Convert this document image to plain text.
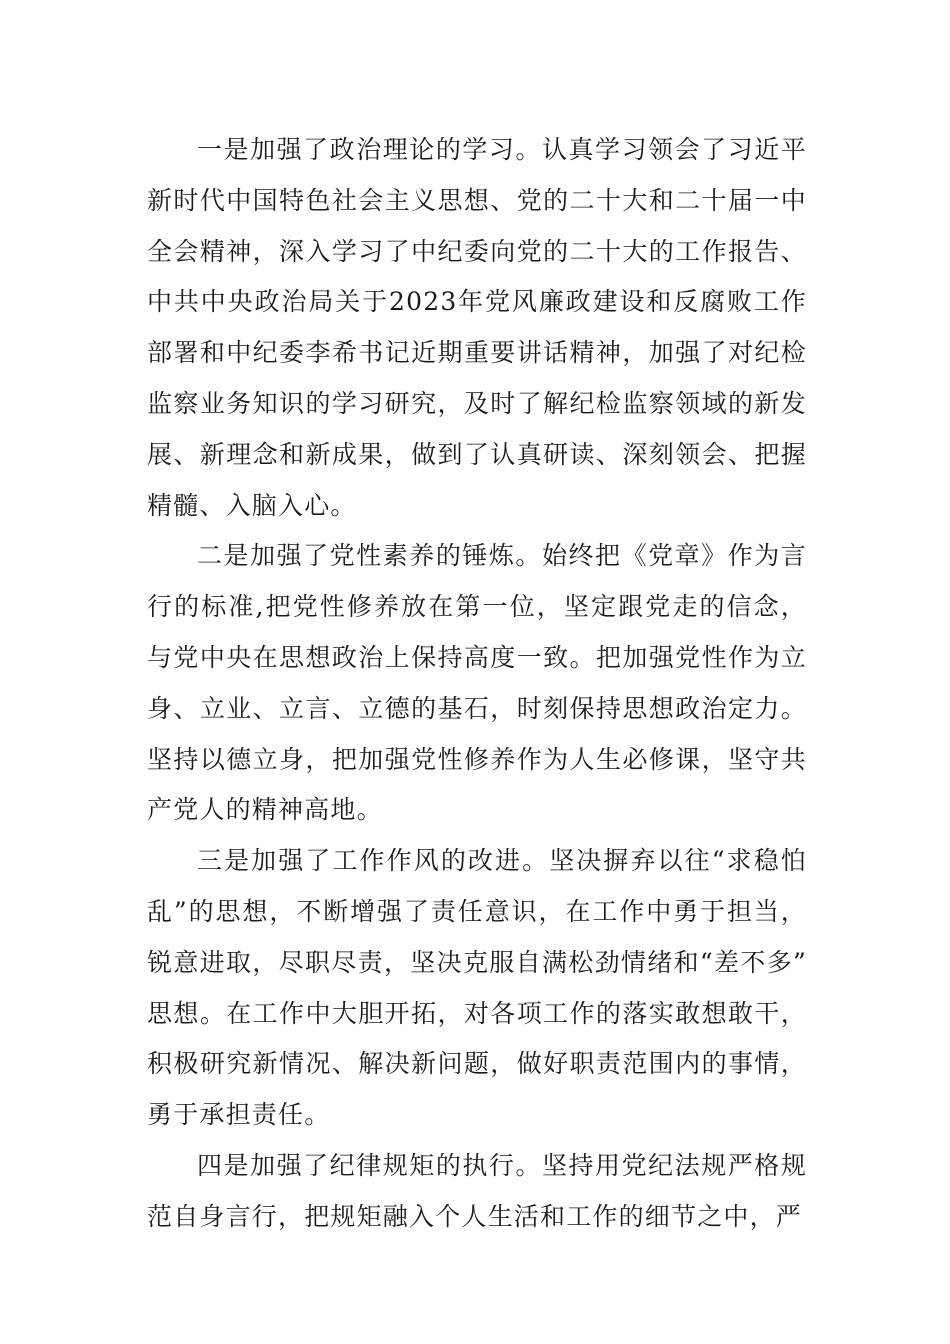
一是加强了政治理论的学习。认真学习领会了习近平新时代中国特色社会主义思想、党的二十大和二十届一中全会精神，深入学习了中纪委向党的二十大的工作报告、中共中央政治局关于2023年党风廉政建设和反腐败工作部署和中纪委李希书记近期重要讲话精神，加强了对纪检监察业务知识的学习研究，及时了解纪检监察领域的新发展、新理念和新成果，做到了认真研读、深刻领会、把握精髓、入脑入心。

二是加强了党性素养的锤炼。始终把《党章》作为言行的标准,把党性修养放在第一位，坚定跟党走的信念，与党中央在思想政治上保持高度一致。把加强党性作为立身、立业、立言、立德的基石，时刻保持思想政治定力。坚持以德立身，把加强党性修养作为人生必修课，坚守共产党人的精神高地。

三是加强了工作作风的改进。坚决摒弃以往“求稳怕乱”的思想，不断增强了责任意识，在工作中勇于担当，锐意进取，尽职尽责，坚决克服自满松劲情绪和“差不多”思想。在工作中大胆开拓，对各项工作的落实敢想敢干，积极研究新情况、解决新问题，做好职责范围内的事情，勇于承担责任。

四是加强了纪律规矩的执行。坚持用党纪法规严格规范自身言行，把规矩融入个人生活和工作的细节之中，严
